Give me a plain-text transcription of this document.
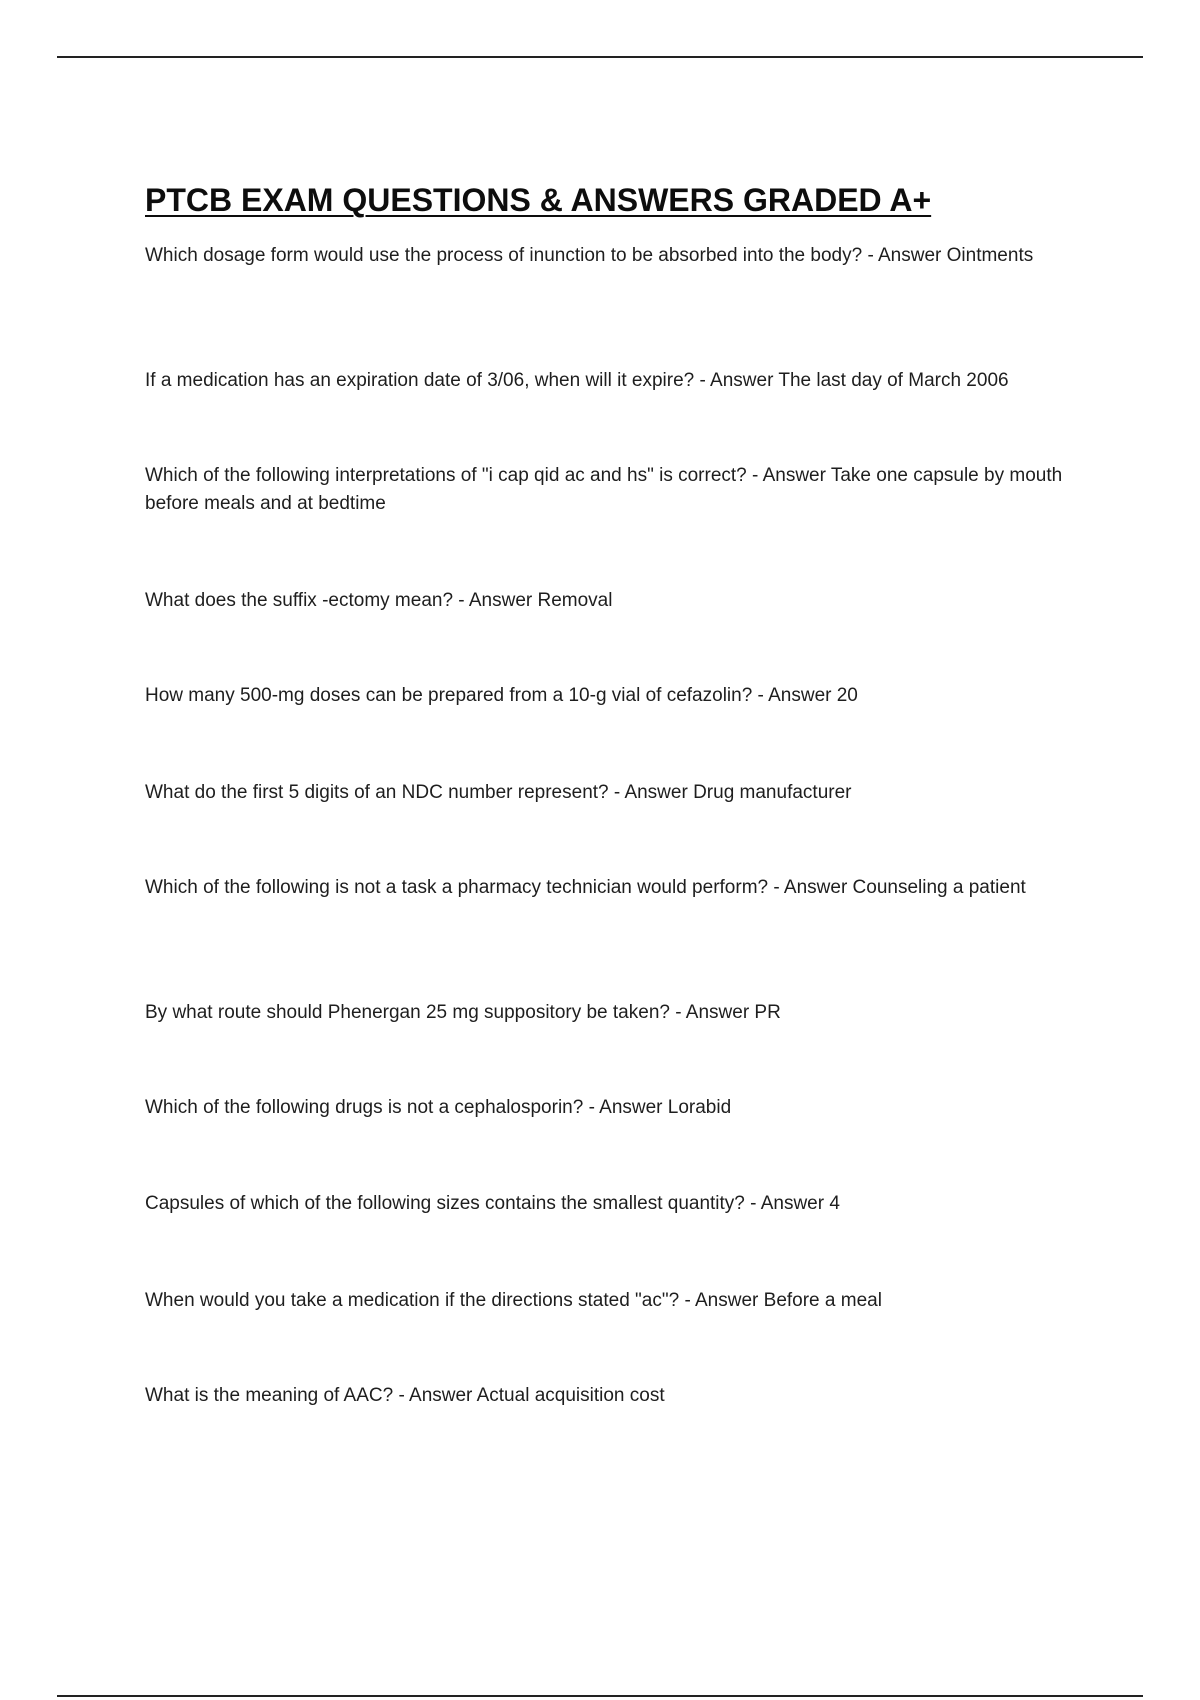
PTCB EXAM QUESTIONS & ANSWERS GRADED A+

Which dosage form would use the process of inunction to be absorbed into the body? - Answer Ointments

If a medication has an expiration date of 3/06, when will it expire? - Answer The last day of March 2006

Which of the following interpretations of "i cap qid ac and hs" is correct? - Answer Take one capsule by mouth before meals and at bedtime

What does the suffix -ectomy mean? - Answer Removal

How many 500-mg doses can be prepared from a 10-g vial of cefazolin? - Answer 20

What do the first 5 digits of an NDC number represent? - Answer Drug manufacturer

Which of the following is not a task a pharmacy technician would perform? - Answer Counseling a patient

By what route should Phenergan 25 mg suppository be taken? - Answer PR

Which of the following drugs is not a cephalosporin? - Answer Lorabid

Capsules of which of the following sizes contains the smallest quantity? - Answer 4

When would you take a medication if the directions stated "ac"? - Answer Before a meal

What is the meaning of AAC? - Answer Actual acquisition cost
